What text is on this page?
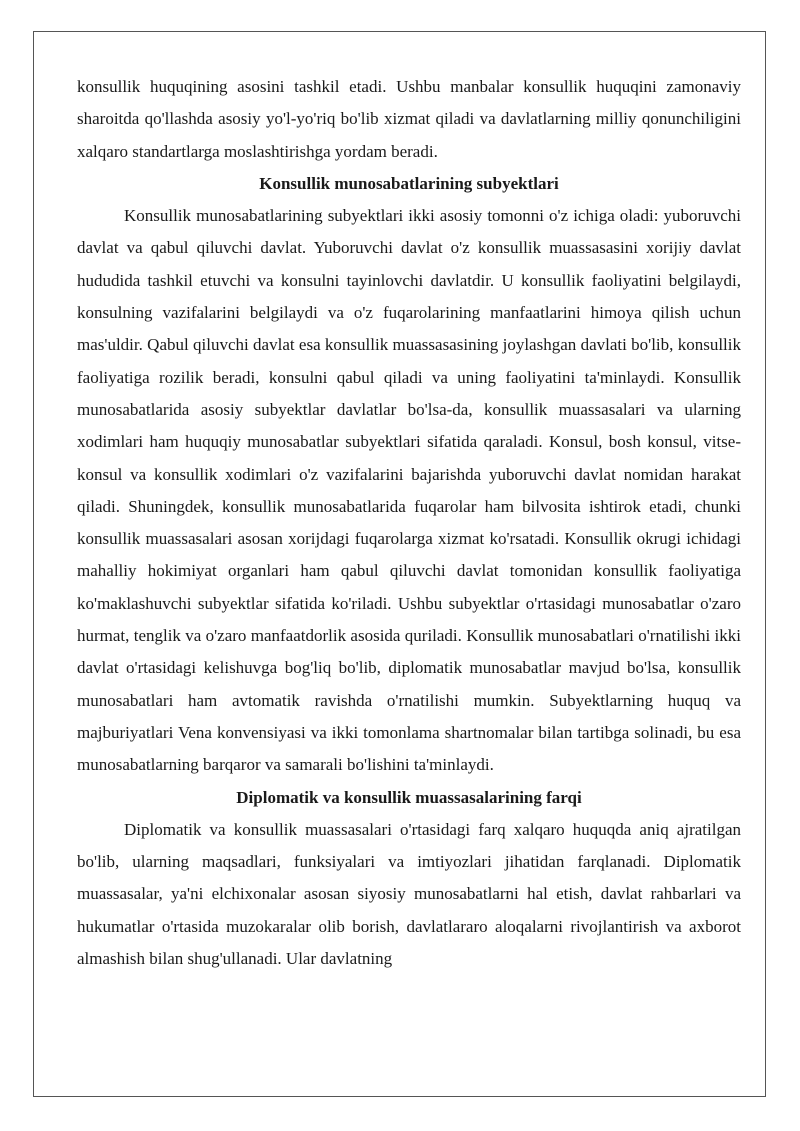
konsullik huquqining asosini tashkil etadi. Ushbu manbalar konsullik huquqini zamonaviy sharoitda qo'llashda asosiy yo'l-yo'riq bo'lib xizmat qiladi va davlatlarning milliy qonunchiligini xalqaro standartlarga moslashtirishga yordam beradi.

Konsullik munosabatlarining subyektlari

Konsullik munosabatlarining subyektlari ikki asosiy tomonni o'z ichiga oladi: yuboruvchi davlat va qabul qiluvchi davlat. Yuboruvchi davlat o'z konsullik muassasasini xorijiy davlat hududida tashkil etuvchi va konsulni tayinlovchi davlatdir. U konsullik faoliyatini belgilaydi, konsulning vazifalarini belgilaydi va o'z fuqarolarining manfaatlarini himoya qilish uchun mas'uldir. Qabul qiluvchi davlat esa konsullik muassasasining joylashgan davlati bo'lib, konsullik faoliyatiga rozilik beradi, konsulni qabul qiladi va uning faoliyatini ta'minlaydi. Konsullik munosabatlarida asosiy subyektlar davlatlar bo'lsa-da, konsullik muassasalari va ularning xodimlari ham huquqiy munosabatlar subyektlari sifatida qaraladi. Konsul, bosh konsul, vitse-konsul va konsullik xodimlari o'z vazifalarini bajarishda yuboruvchi davlat nomidan harakat qiladi. Shuningdek, konsullik munosabatlarida fuqarolar ham bilvosita ishtirok etadi, chunki konsullik muassasalari asosan xorijdagi fuqarolarga xizmat ko'rsatadi. Konsullik okrugi ichidagi mahalliy hokimiyat organlari ham qabul qiluvchi davlat tomonidan konsullik faoliyatiga ko'maklashuvchi subyektlar sifatida ko'riladi. Ushbu subyektlar o'rtasidagi munosabatlar o'zaro hurmat, tenglik va o'zaro manfaatdorlik asosida quriladi. Konsullik munosabatlari o'rnatilishi ikki davlat o'rtasidagi kelishuvga bog'liq bo'lib, diplomatik munosabatlar mavjud bo'lsa, konsullik munosabatlari ham avtomatik ravishda o'rnatilishi mumkin. Subyektlarning huquq va majburiyatlari Vena konvensiyasi va ikki tomonlama shartnomalar bilan tartibga solinadi, bu esa munosabatlarning barqaror va samarali bo'lishini ta'minlaydi.

Diplomatik va konsullik muassasalarining farqi

Diplomatik va konsullik muassasalari o'rtasidagi farq xalqaro huquqda aniq ajratilgan bo'lib, ularning maqsadlari, funksiyalari va imtiyozlari jihatidan farqlanadi. Diplomatik muassasalar, ya'ni elchixonalar asosan siyosiy munosabatlarni hal etish, davlat rahbarlari va hukumatlar o'rtasida muzokaralar olib borish, davlatlararo aloqalarni rivojlantirish va axborot almashish bilan shug'ullanadi. Ular davlatning
